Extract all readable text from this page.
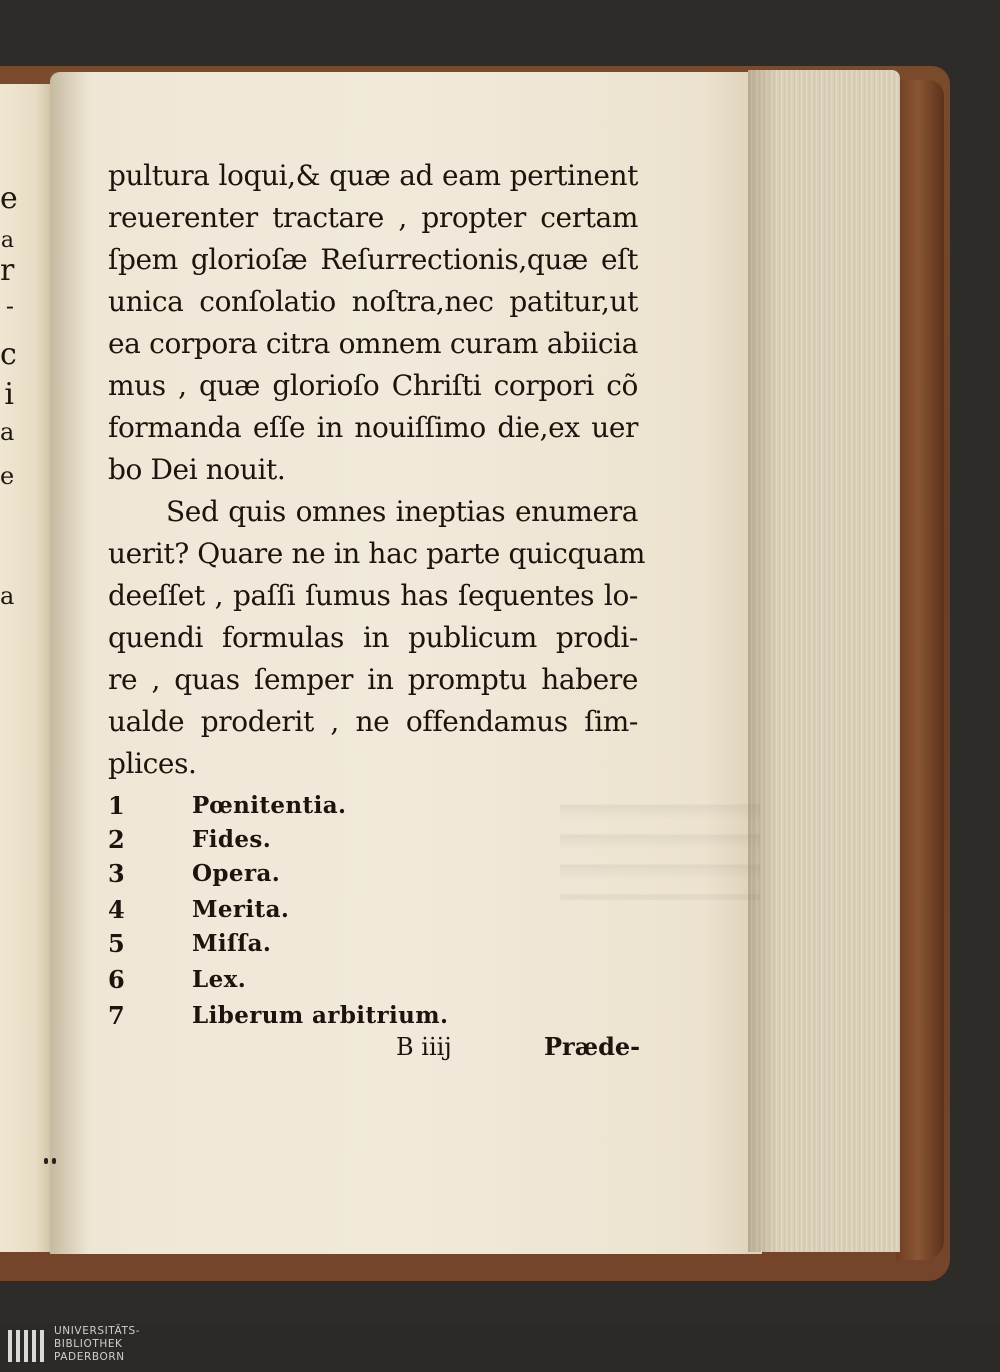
e
a
r
-
c
i
a
e
a
pultura loqui,& quæ ad eam pertinent
reuerenter tractare , propter certam
ſpem glorioſæ Reſurrectionis,quæ eſt
unica conſolatio noſtra,nec patitur,ut
ea corpora citra omnem curam abiicia
mus , quæ glorioſo Chriſti corpori cõ
formanda eſſe in nouiſſimo die,ex uer
bo Dei nouit.
Sed quis omnes ineptias enumera
uerit? Quare ne in hac parte quicquam
deeſſet , paſſi ſumus has ſequentes lo-
quendi formulas in publicum prodi-
re , quas ſemper in promptu habere
ualde proderit , ne offendamus ſim-
plices.
1	Pœnitentia.
2	Fides.
3	Opera.
4	Merita.
5	Miſſa.
6	Lex.
7	Liberum arbitrium.
B iiij	Præde-
UNIVERSITÄTS-
BIBLIOTHEK
PADERBORN
